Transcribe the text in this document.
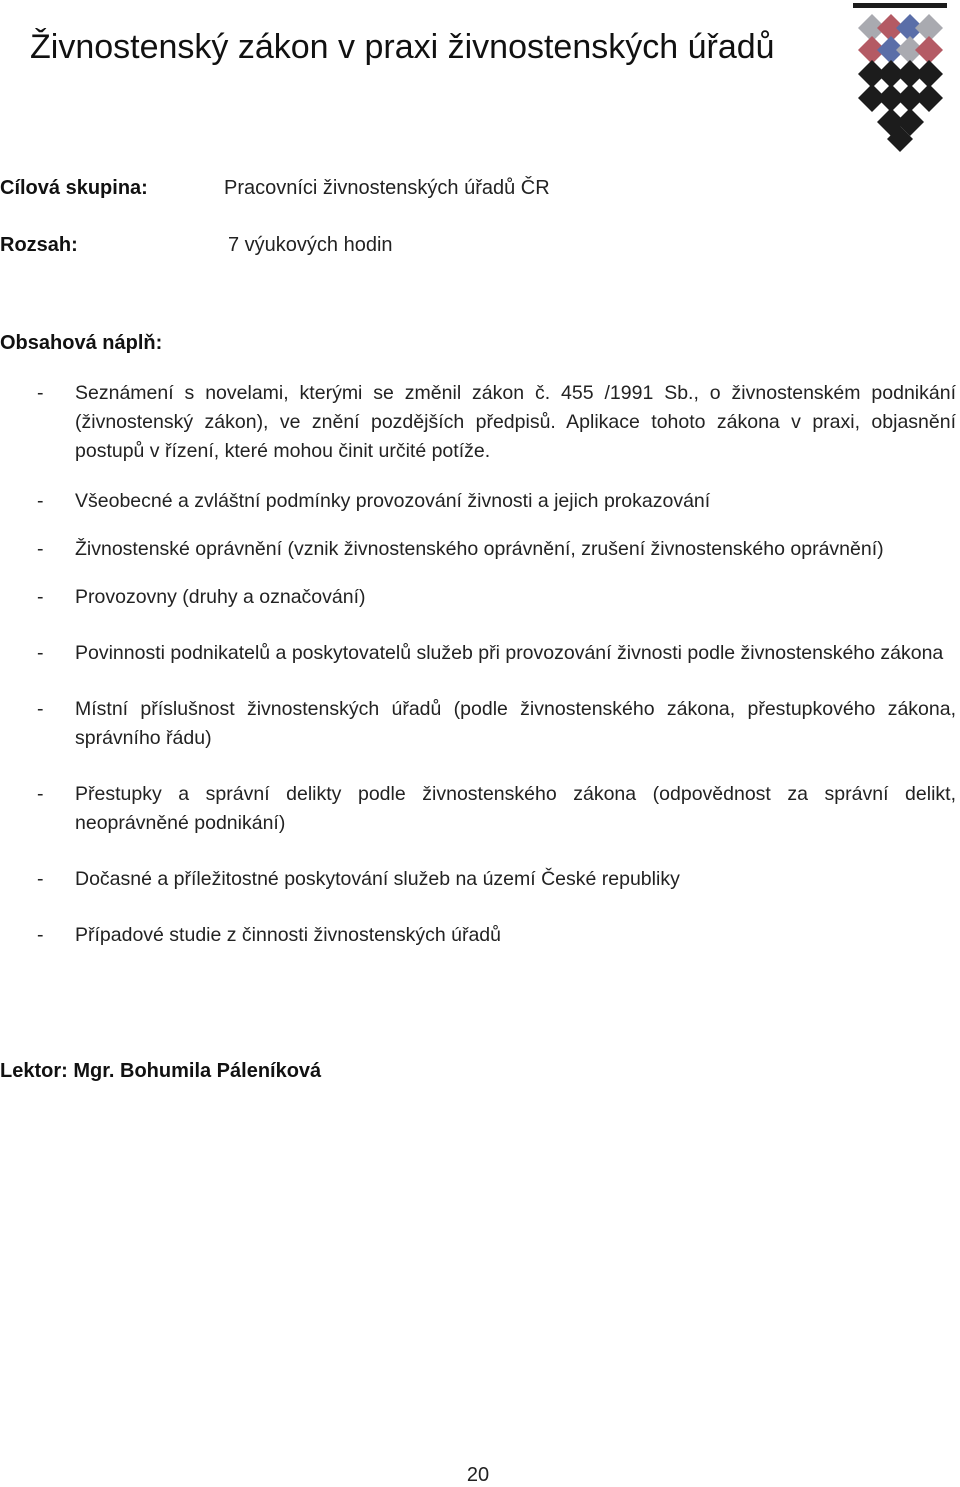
Živnostenský zákon v praxi živnostenských úřadů
Cílová skupina:	Pracovníci živnostenských úřadů ČR
Rozsah:	7 výukových hodin
Obsahová náplň:
- Seznámení s novelami, kterými se změnil zákon č. 455 /1991 Sb., o živnostenském podnikání (živnostenský zákon), ve znění pozdějších předpisů. Aplikace tohoto zákona v praxi, objasnění postupů v řízení, které mohou činit určité potíže.
- Všeobecné a zvláštní podmínky provozování živnosti a jejich prokazování
- Živnostenské oprávnění (vznik živnostenského oprávnění, zrušení živnostenského oprávnění)
- Provozovny (druhy a označování)
- Povinnosti podnikatelů a poskytovatelů služeb při provozování živnosti podle živnostenského zákona
- Místní příslušnost živnostenských úřadů (podle živnostenského zákona, přestupkového zákona, správního řádu)
- Přestupky a správní delikty podle živnostenského zákona (odpovědnost za správní delikt, neoprávněné podnikání)
- Dočasné a příležitostné poskytování služeb na území České republiky
- Případové studie z činnosti živnostenských úřadů
Lektor: Mgr. Bohumila Páleníková
20
